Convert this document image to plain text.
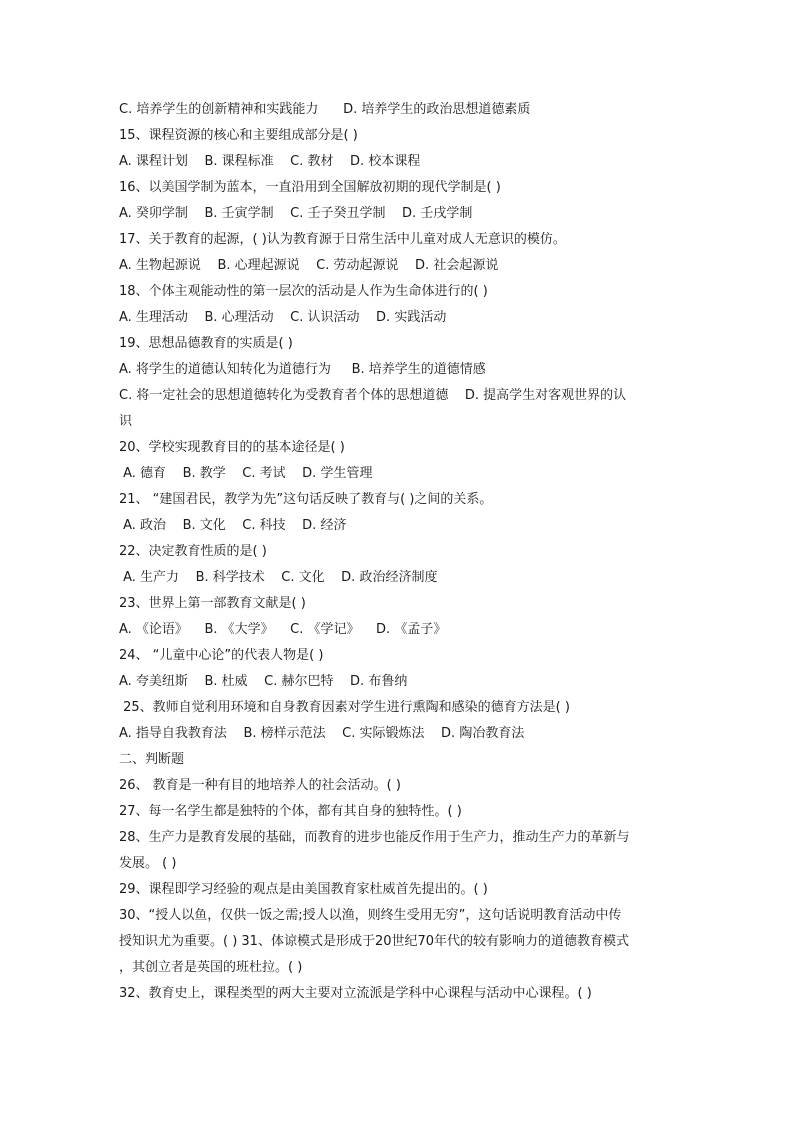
C. 培养学生的创新精神和实践能力      D. 培养学生的政治思想道德素质
15、课程资源的核心和主要组成部分是( )
A. 课程计划    B. 课程标准    C. 教材    D. 校本课程
16、以美国学制为蓝本，一直沿用到全国解放初期的现代学制是( )
A. 癸卯学制    B. 壬寅学制    C. 壬子癸丑学制    D. 壬戌学制
17、关于教育的起源，( )认为教育源于日常生活中儿童对成人无意识的模仿。
A. 生物起源说    B. 心理起源说    C. 劳动起源说    D. 社会起源说
18、个体主观能动性的第一层次的活动是人作为生命体进行的( )
A. 生理活动    B. 心理活动    C. 认识活动    D. 实践活动
19、思想品德教育的实质是( )
A. 将学生的道德认知转化为道德行为     B. 培养学生的道德情感
C. 将一定社会的思想道德转化为受教育者个体的思想道德    D. 提高学生对客观世界的认
识
20、学校实现教育目的的基本途径是( )
A. 德育    B. 教学    C. 考试    D. 学生管理
21、 “建国君民，教学为先”这句话反映了教育与( )之间的关系。
A. 政治    B. 文化    C. 科技    D. 经济
22、决定教育性质的是( )
A. 生产力    B. 科学技术    C. 文化    D. 政治经济制度
23、世界上第一部教育文献是( )
A. 《论语》    B. 《大学》    C. 《学记》    D. 《孟子》
24、 “儿童中心论”的代表人物是( )
A. 夸美纽斯    B. 杜威    C. 赫尔巴特    D. 布鲁纳
25、教师自觉利用环境和自身教育因素对学生进行熏陶和感染的德育方法是( )
A. 指导自我教育法    B. 榜样示范法    C. 实际锻炼法    D. 陶冶教育法
二、判断题
26、 教育是一种有目的地培养人的社会活动。( )
27、每一名学生都是独特的个体，都有其自身的独特性。( )
28、生产力是教育发展的基础，而教育的进步也能反作用于生产力，推动生产力的革新与
发展。 ( )
29、课程即学习经验的观点是由美国教育家杜威首先提出的。( )
30、“授人以鱼，仅供一饭之需;授人以渔，则终生受用无穷”，这句话说明教育活动中传
授知识尤为重要。( ) 31、体谅模式是形成于20世纪70年代的较有影响力的道德教育模式
，其创立者是英国的班杜拉。( )
32、教育史上，课程类型的两大主要对立流派是学科中心课程与活动中心课程。( )
